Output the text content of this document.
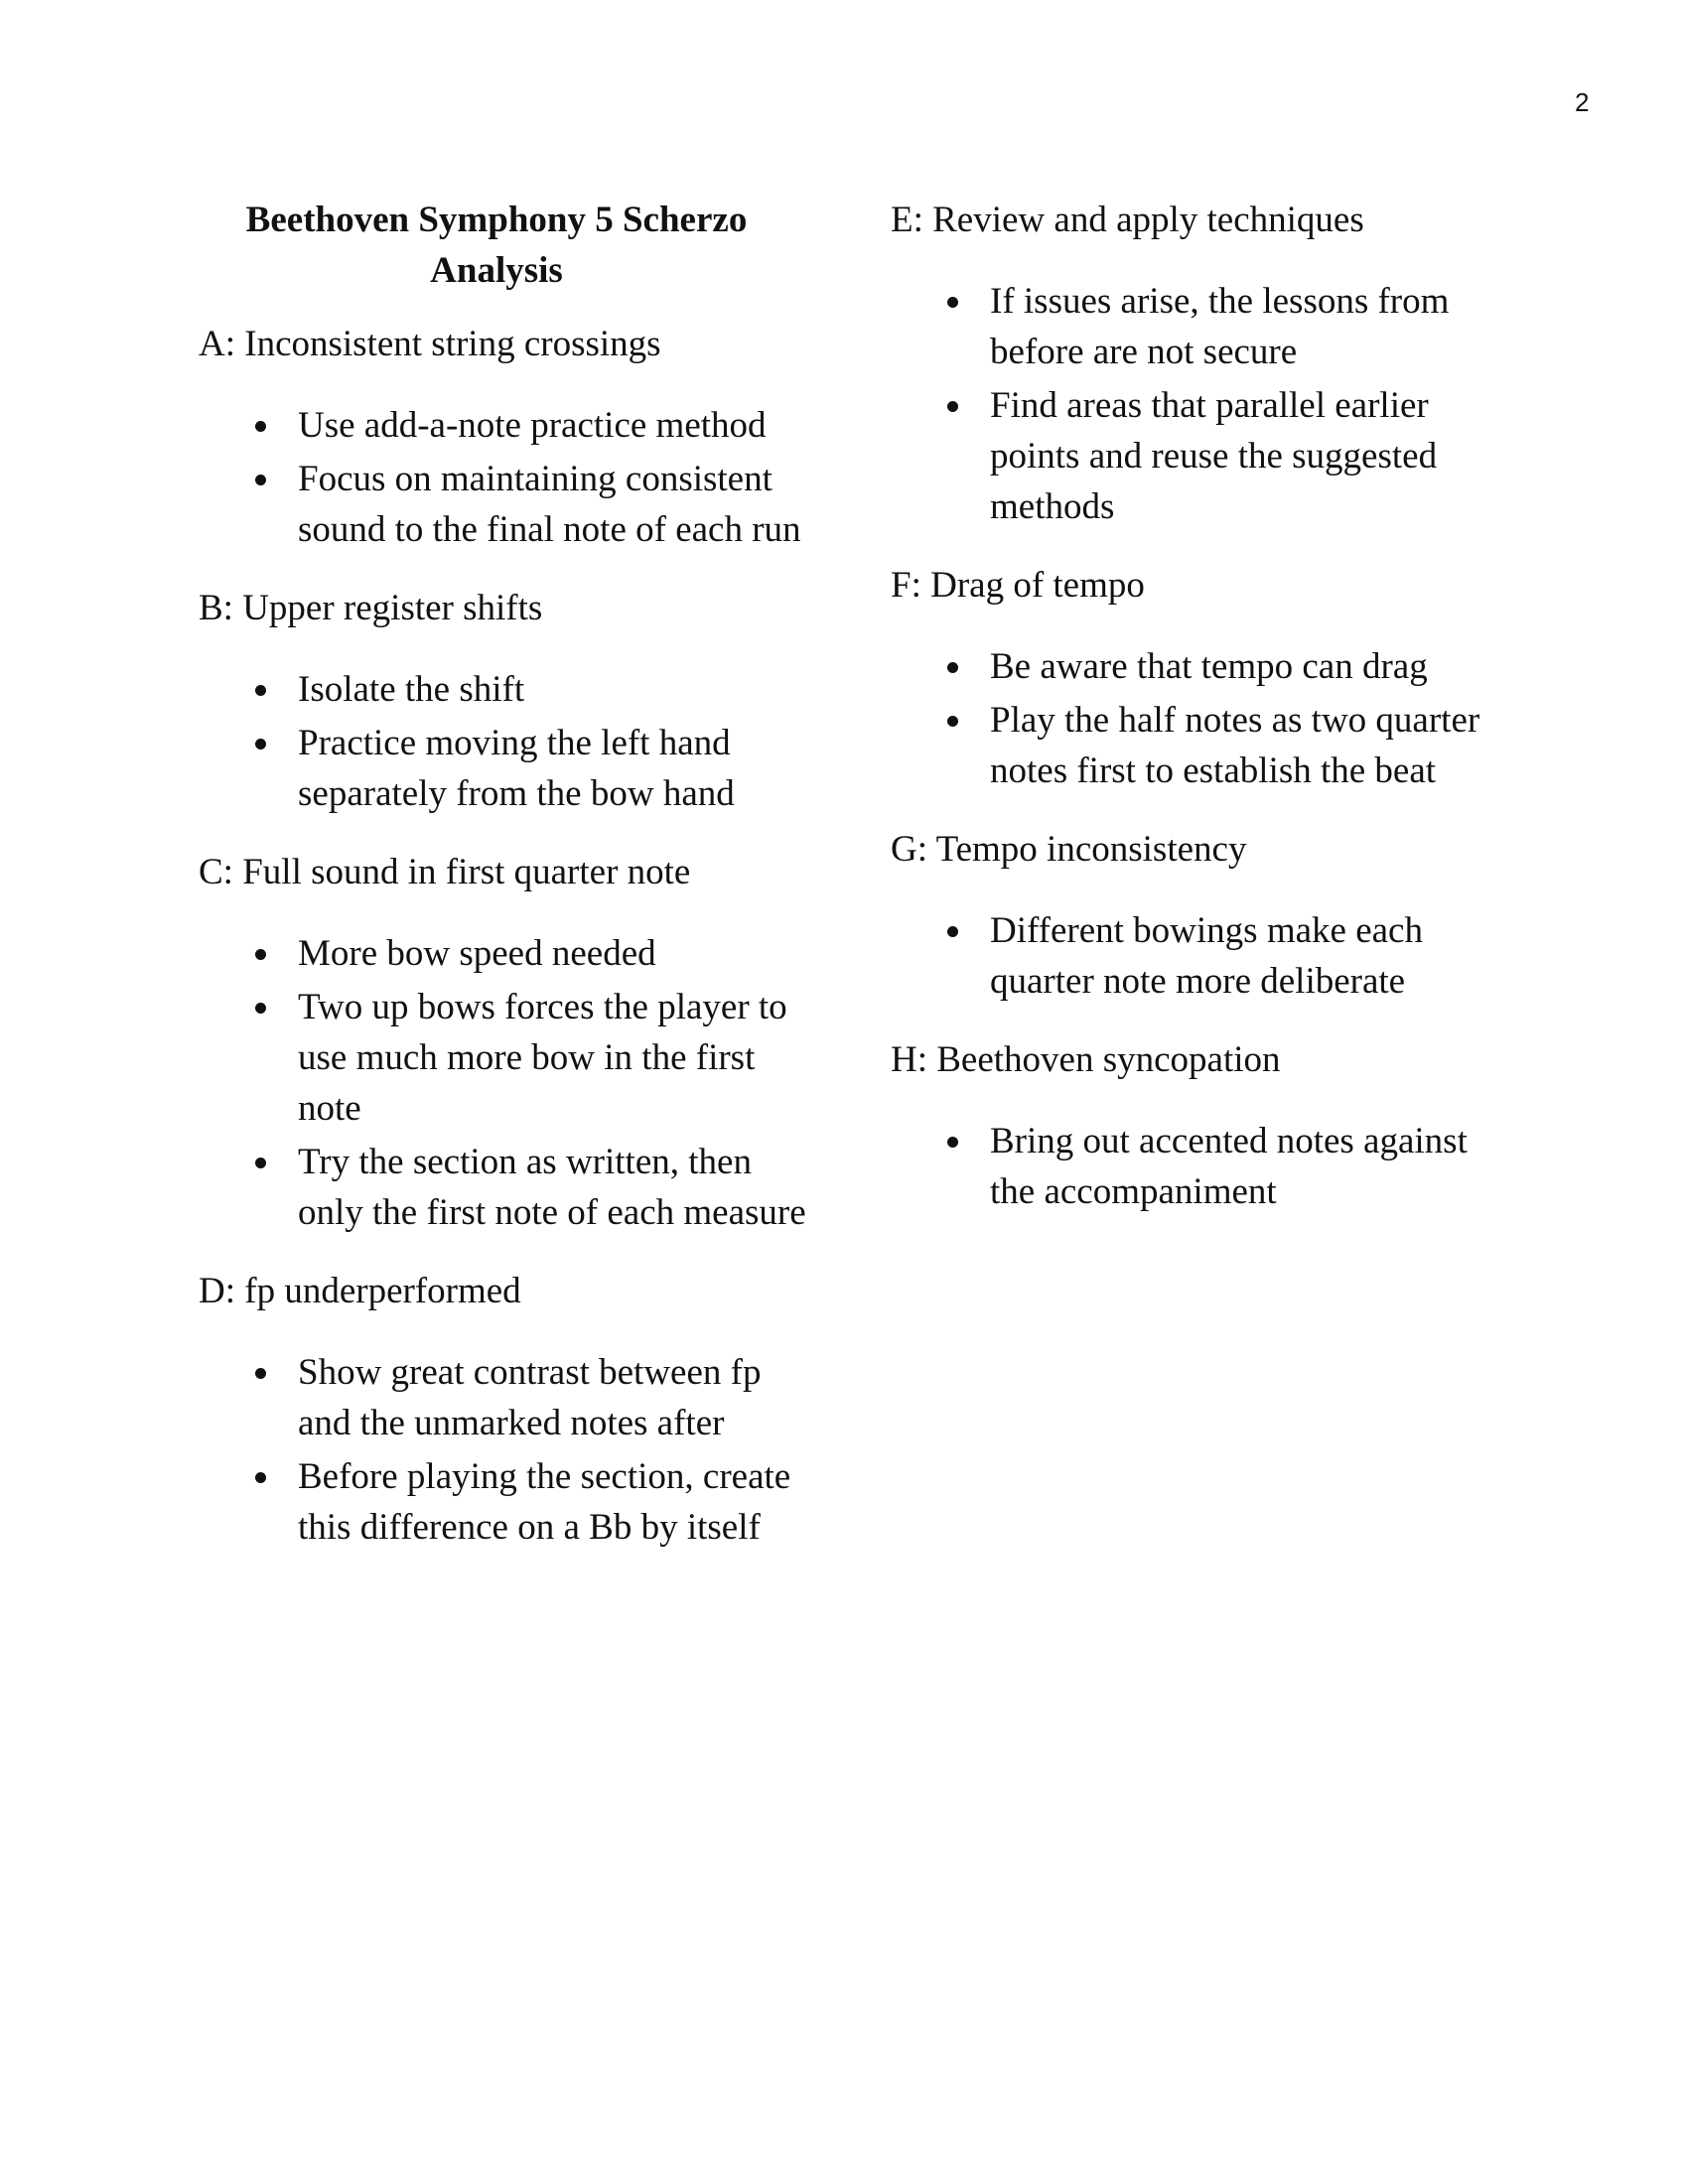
2
Beethoven Symphony 5 Scherzo Analysis

A: Inconsistent string crossings

Use add-a-note practice method
Focus on maintaining consistent sound to the final note of each run

B: Upper register shifts

Isolate the shift
Practice moving the left hand separately from the bow hand

C: Full sound in first quarter note

More bow speed needed
Two up bows forces the player to use much more bow in the first note
Try the section as written, then only the first note of each measure

D: fp underperformed

Show great contrast between fp and the unmarked notes after
Before playing the section, create this difference on a Bb by itself

E: Review and apply techniques

If issues arise, the lessons from before are not secure
Find areas that parallel earlier points and reuse the suggested methods

F: Drag of tempo

Be aware that tempo can drag
Play the half notes as two quarter notes first to establish the beat

G: Tempo inconsistency

Different bowings make each quarter note more deliberate

H: Beethoven syncopation

Bring out accented notes against the accompaniment
